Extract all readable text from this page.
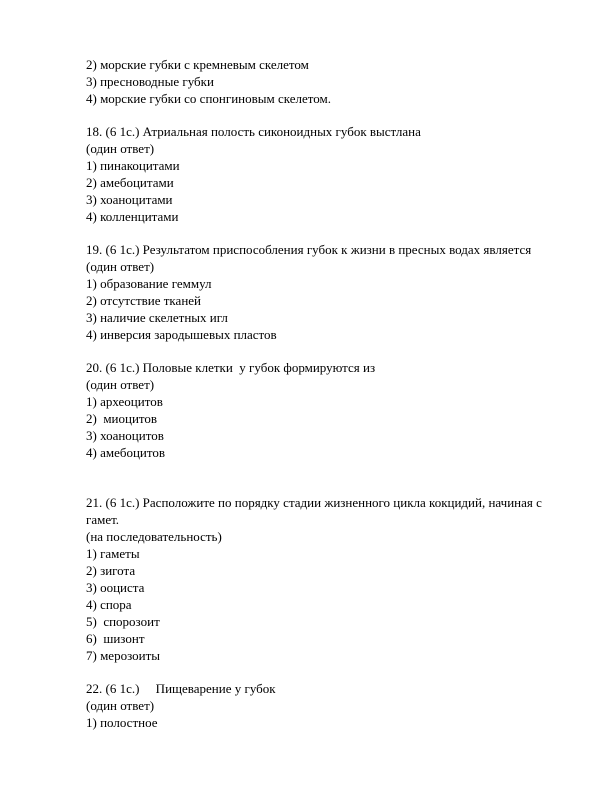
2) морские губки с кремневым скелетом
3) пресноводные губки
4) морские губки со спонгиновым скелетом.
18. (6 1с.) Атриальная полость сиконоидных губок выстлана
(один ответ)
1) пинакоцитами
2) амебоцитами
3) хоаноцитами
4) колленцитами
19. (6 1с.) Результатом приспособления губок к жизни в пресных водах является
(один ответ)
1) образование геммул
2) отсутствие тканей
3) наличие скелетных игл
4) инверсия зародышевых пластов
20. (6 1с.) Половые клетки  у губок формируются из
(один ответ)
1) археоцитов
2)  миоцитов
3) хоаноцитов
4) амебоцитов
21. (6 1с.) Расположите по порядку стадии жизненного цикла кокцидий, начиная с
гамет.
(на последовательность)
1) гаметы
2) зигота
3) ооциста
4) спора
5)  спорозоит
6)  шизонт
7) мерозоиты
22. (6 1с.)     Пищеварение у губок
(один ответ)
1) полостное
